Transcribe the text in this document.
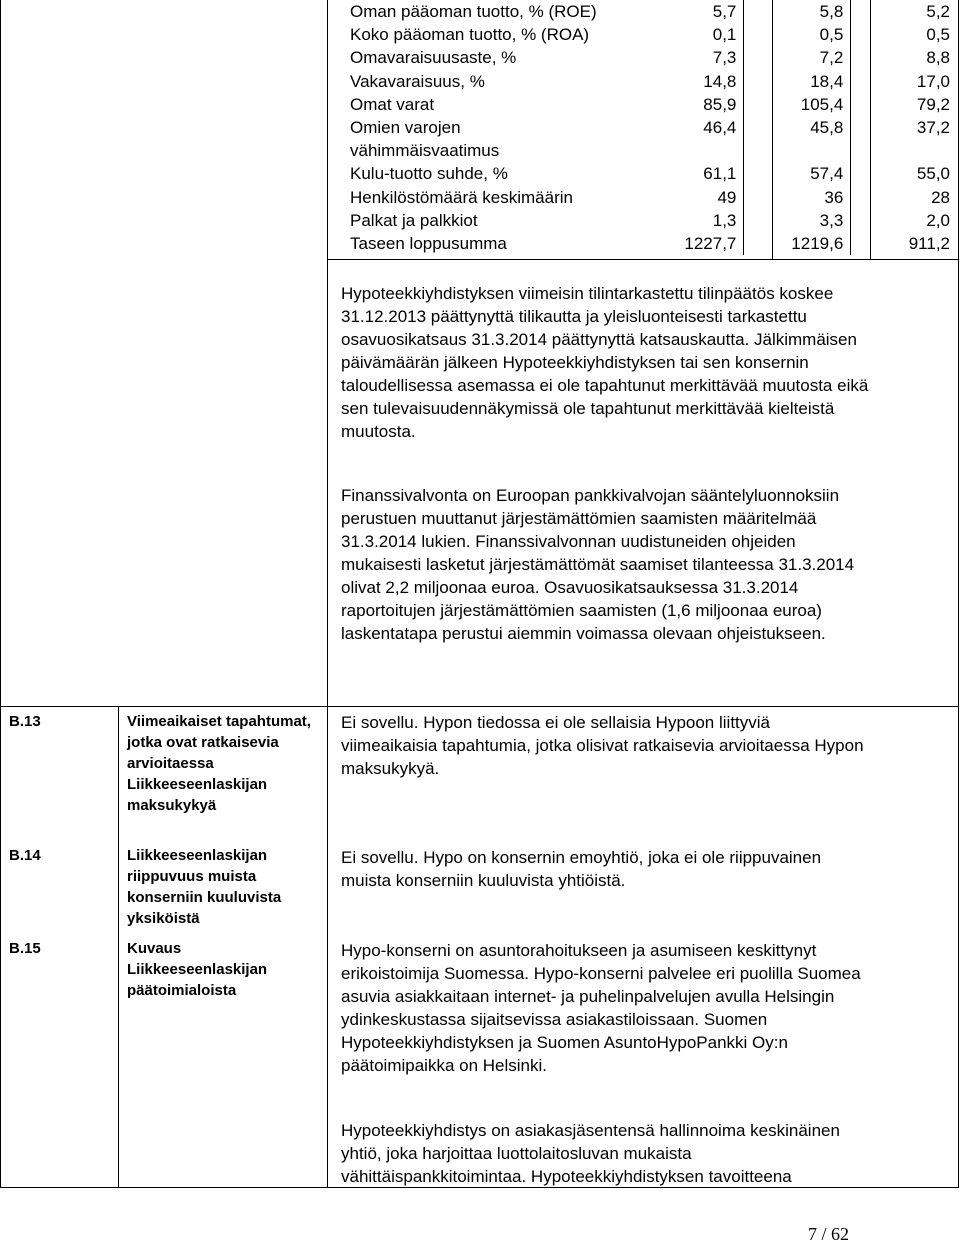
Oman pääoman tuotto, % (ROE)	5,7	5,8	5,2
Koko pääoman tuotto, % (ROA)	0,1	0,5	0,5
Omavaraisuusaste, %	7,3	7,2	8,8
Vakavaraisuus, %	14,8	18,4	17,0
Omat varat	85,9	105,4	79,2
Omien varojen vähimmäisvaatimus	46,4	45,8	37,2
Kulu-tuotto suhde, %	61,1	57,4	55,0
Henkilöstömäärä keskimäärin	49	36	28
Palkat ja palkkiot	1,3	3,3	2,0
Taseen loppusumma	1227,7	1219,6	911,2

Hypoteekkiyhdistyksen viimeisin tilintarkastettu tilinpäätös koskee 31.12.2013 päättynyttä tilikautta ja yleisluonteisesti tarkastettu osavuosikatsaus 31.3.2014 päättynyttä katsauskautta. Jälkimmäisen päivämäärän jälkeen Hypoteekkiyhdistyksen tai sen konsernin taloudellisessa asemassa ei ole tapahtunut merkittävää muutosta eikä sen tulevaisuudennäkymissä ole tapahtunut merkittävää kielteistä muutosta.

Finanssivalvonta on Euroopan pankkivalvojan sääntelyluonnoksiin perustuen muuttanut järjestämättömien saamisten määritelmää 31.3.2014 lukien. Finanssivalvonnan uudistuneiden ohjeiden mukaisesti lasketut järjestämättömät saamiset tilanteessa 31.3.2014 olivat 2,2 miljoonaa euroa. Osavuosikatsauksessa 31.3.2014 raportoitujen järjestämättömien saamisten (1,6 miljoonaa euroa) laskentatapa perustui aiemmin voimassa olevaan ohjeistukseen.

B.13	Viimeaikaiset tapahtumat, jotka ovat ratkaisevia arvioitaessa Liikkeeseenlaskijan maksukykyä

Ei sovellu. Hypon tiedossa ei ole sellaisia Hypoon liittyviä viimeaikaisia tapahtumia, jotka olisivat ratkaisevia arvioitaessa Hypon maksukykyä.

B.14	Liikkeeseenlaskijan riippuvuus muista konserniin kuuluvista yksiköistä

Ei sovellu. Hypo on konsernin emoyhtiö, joka ei ole riippuvainen muista konserniin kuuluvista yhtiöistä.

B.15	Kuvaus Liikkeeseenlaskijan päätoimialoista

Hypo-konserni on asuntorahoitukseen ja asumiseen keskittynyt erikoistoimija Suomessa. Hypo-konserni palvelee eri puolilla Suomea asuvia asiakkaitaan internet- ja puhelinpalvelujen avulla Helsingin ydinkeskustassa sijaitsevissa asiakastiloissaan. Suomen Hypoteekkiyhdistyksen ja Suomen AsuntoHypoPankki Oy:n päätoimipaikka on Helsinki.

Hypoteekkiyhdistys on asiakasjäsentensä hallinnoima keskinäinen yhtiö, joka harjoittaa luottolaitosluvan mukaista vähittäispankkitoimintaa. Hypoteekkiyhdistyksen tavoitteena

7 / 62
